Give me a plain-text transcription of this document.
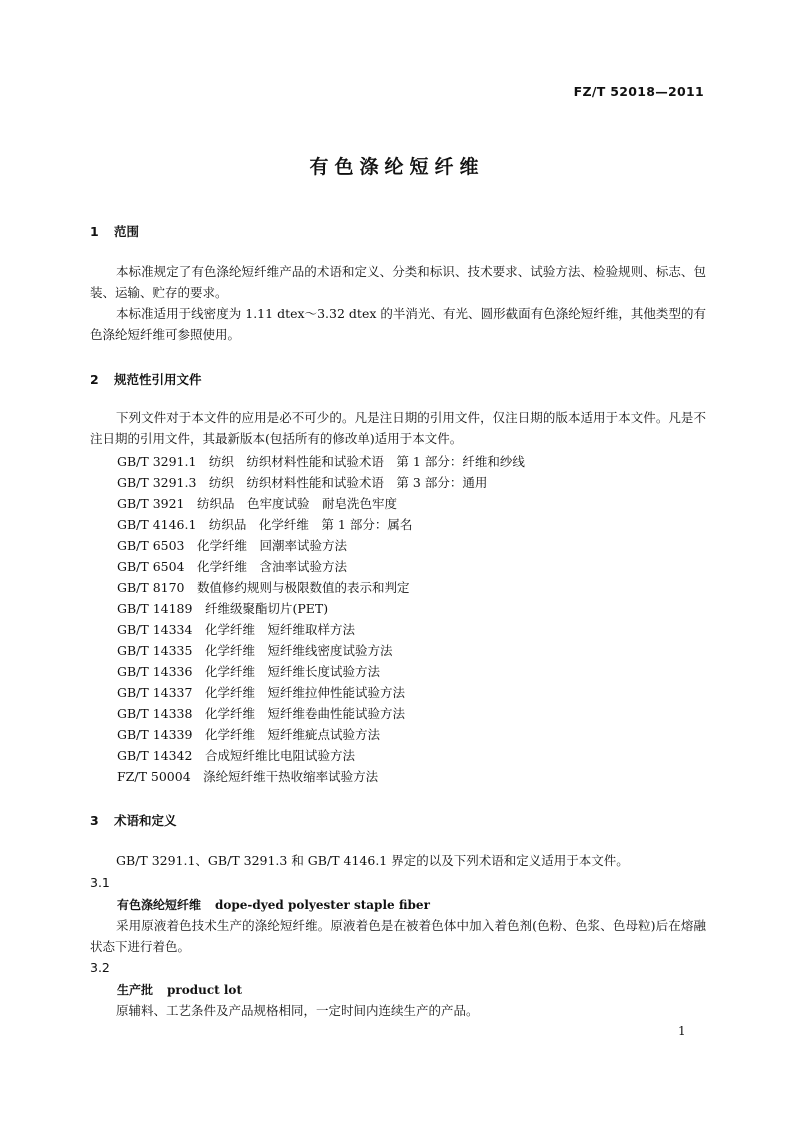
FZ/T 52018—2011
有色涤纶短纤维
1 范围
本标准规定了有色涤纶短纤维产品的术语和定义、分类和标识、技术要求、试验方法、检验规则、标志、包装、运输、贮存的要求。
本标准适用于线密度为 1.11 dtex～3.32 dtex 的半消光、有光、圆形截面有色涤纶短纤维，其他类型的有色涤纶短纤维可参照使用。
2 规范性引用文件
下列文件对于本文件的应用是必不可少的。凡是注日期的引用文件，仅注日期的版本适用于本文件。凡是不注日期的引用文件，其最新版本(包括所有的修改单)适用于本文件。
GB/T 3291.1　纺织　纺织材料性能和试验术语　第 1 部分：纤维和纱线
GB/T 3291.3　纺织　纺织材料性能和试验术语　第 3 部分：通用
GB/T 3921　纺织品　色牢度试验　耐皂洗色牢度
GB/T 4146.1　纺织品　化学纤维　第 1 部分：属名
GB/T 6503　化学纤维　回潮率试验方法
GB/T 6504　化学纤维　含油率试验方法
GB/T 8170　数值修约规则与极限数值的表示和判定
GB/T 14189　纤维级聚酯切片(PET)
GB/T 14334　化学纤维　短纤维取样方法
GB/T 14335　化学纤维　短纤维线密度试验方法
GB/T 14336　化学纤维　短纤维长度试验方法
GB/T 14337　化学纤维　短纤维拉伸性能试验方法
GB/T 14338　化学纤维　短纤维卷曲性能试验方法
GB/T 14339　化学纤维　短纤维疵点试验方法
GB/T 14342　合成短纤维比电阻试验方法
FZ/T 50004　涤纶短纤维干热收缩率试验方法
3 术语和定义
GB/T 3291.1、GB/T 3291.3 和 GB/T 4146.1 界定的以及下列术语和定义适用于本文件。
3.1
有色涤纶短纤维 dope-dyed polyester staple fiber
采用原液着色技术生产的涤纶短纤维。原液着色是在被着色体中加入着色剂(色粉、色浆、色母粒)后在熔融状态下进行着色。
3.2
生产批 product lot
原辅料、工艺条件及产品规格相同，一定时间内连续生产的产品。
1
